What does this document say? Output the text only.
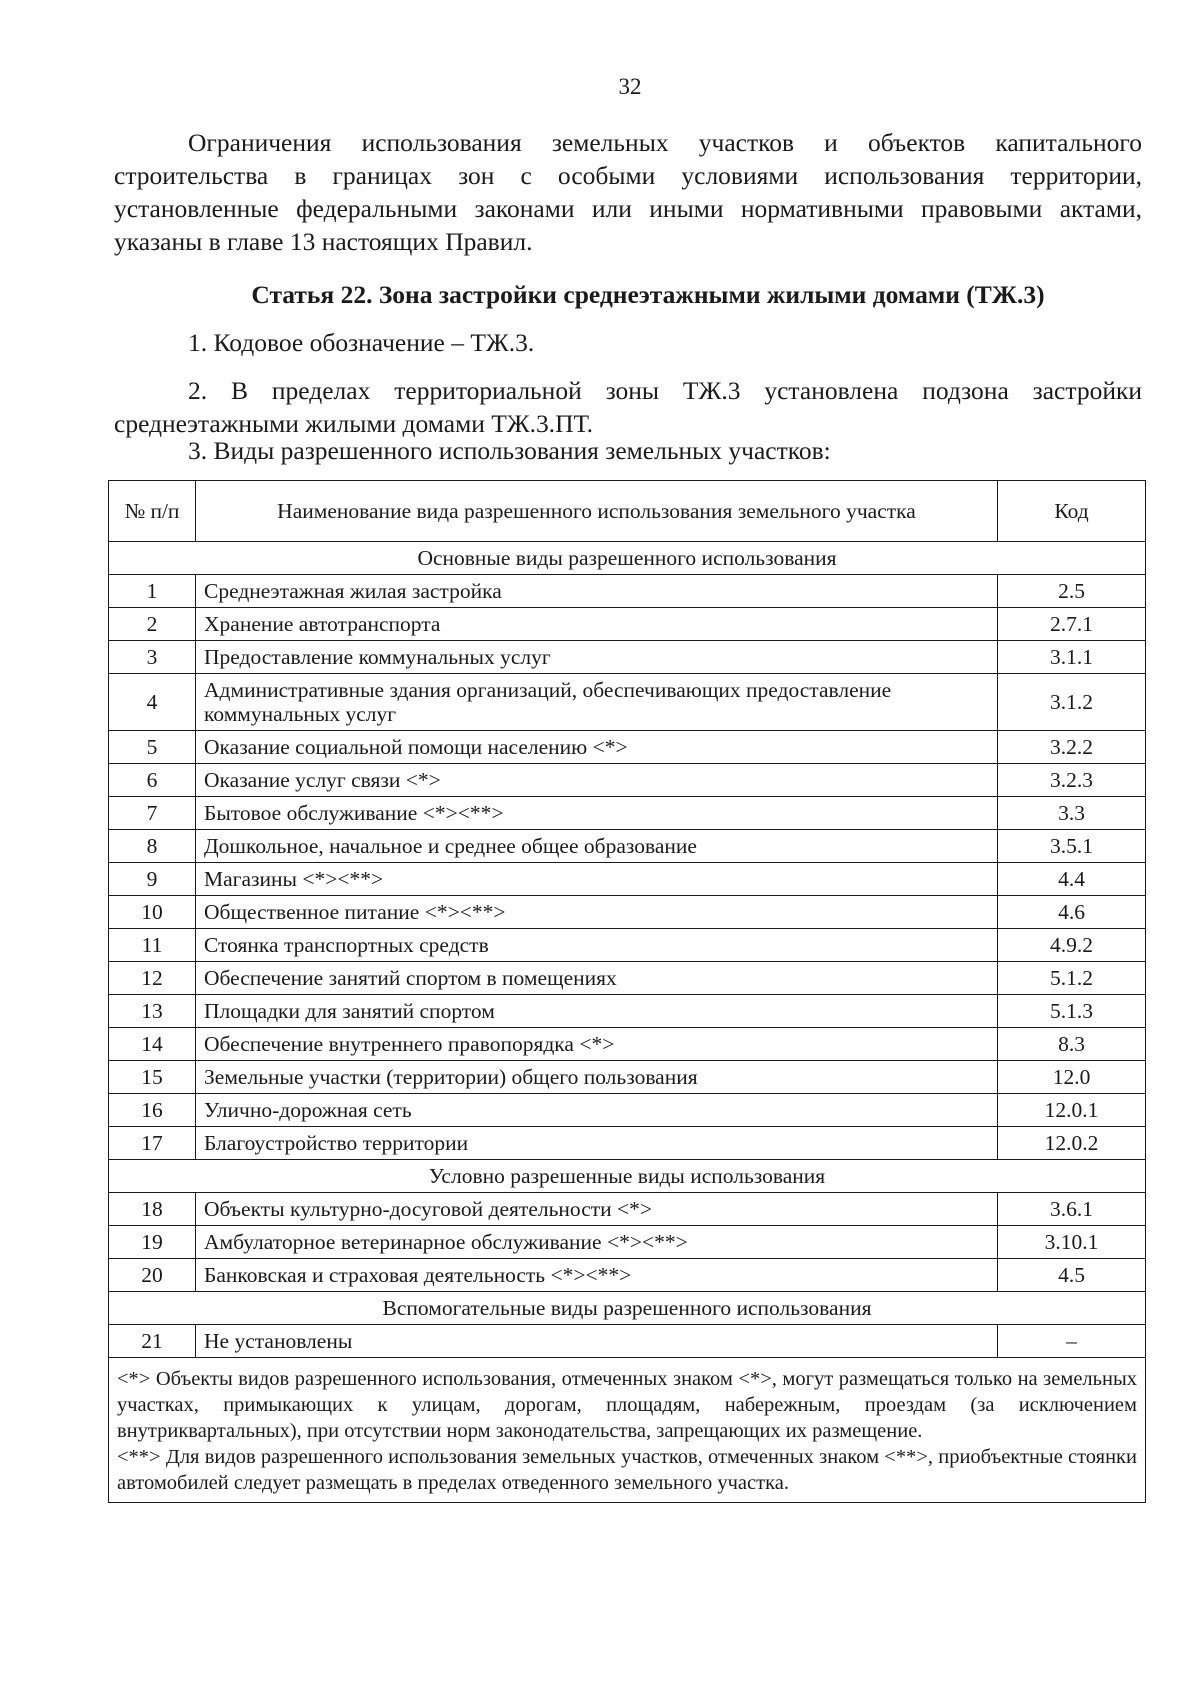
32
Ограничения использования земельных участков и объектов капитального строительства в границах зон с особыми условиями использования территории, установленные федеральными законами или иными нормативными правовыми актами, указаны в главе 13 настоящих Правил.
Статья 22. Зона застройки среднеэтажными жилыми домами (ТЖ.3)
1. Кодовое обозначение – ТЖ.3.
2. В пределах территориальной зоны ТЖ.3 установлена подзона застройки среднеэтажными жилыми домами ТЖ.3.ПТ.
3. Виды разрешенного использования земельных участков:
№ п/п	Наименование вида разрешенного использования земельного участка	Код
Основные виды разрешенного использования		
1	Среднеэтажная жилая застройка	2.5
2	Хранение автотранспорта	2.7.1
3	Предоставление коммунальных услуг	3.1.1
4	Административные здания организаций, обеспечивающих предоставление коммунальных услуг	3.1.2
5	Оказание социальной помощи населению <*>	3.2.2
6	Оказание услуг связи <*>	3.2.3
7	Бытовое обслуживание <*><**>	3.3
8	Дошкольное, начальное и среднее общее образование	3.5.1
9	Магазины <*><**>	4.4
10	Общественное питание <*><**>	4.6
11	Стоянка транспортных средств	4.9.2
12	Обеспечение занятий спортом в помещениях	5.1.2
13	Площадки для занятий спортом	5.1.3
14	Обеспечение внутреннего правопорядка <*>	8.3
15	Земельные участки (территории) общего пользования	12.0
16	Улично-дорожная сеть	12.0.1
17	Благоустройство территории	12.0.2
Условно разрешенные виды использования		
18	Объекты культурно-досуговой деятельности <*>	3.6.1
19	Амбулаторное ветеринарное обслуживание <*><**>	3.10.1
20	Банковская и страховая деятельность <*><**>	4.5
Вспомогательные виды разрешенного использования		
21	Не установлены	–

<*> Объекты видов разрешенного использования, отмеченных знаком <*>, могут размещаться только на земельных участках, примыкающих к улицам, дорогам, площадям, набережным, проездам (за исключением внутриквартальных), при отсутствии норм законодательства, запрещающих их размещение.
<**> Для видов разрешенного использования земельных участков, отмеченных знаком <**>, приобъектные стоянки автомобилей следует размещать в пределах отведенного земельного участка.		
